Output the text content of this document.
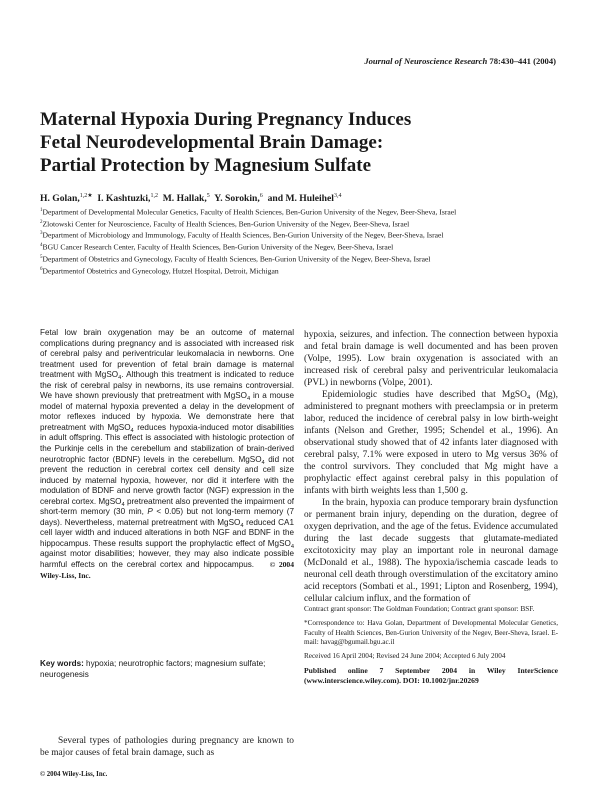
Journal of Neuroscience Research 78:430–441 (2004)
Maternal Hypoxia During Pregnancy Induces
Fetal Neurodevelopmental Brain Damage:
Partial Protection by Magnesium Sulfate
H. Golan,$^{1,2★}$ I. Kashtuzki,$^{1,2}$ M. Hallak,$^5$ Y. Sorokin,$^6$ and M. Huleihel$^{3,4}$

$^1$Department of Developmental Molecular Genetics, Faculty of Health Sciences, Ben-Gurion University of the Negev, Beer-Sheva, Israel

$^2$Zlotowski Center for Neuroscience, Faculty of Health Sciences, Ben-Gurion University of the Negev, Beer-Sheva, Israel

$^3$Department of Microbiology and Immunology, Faculty of Health Sciences, Ben-Gurion University of the Negev, Beer-Sheva, Israel

$^4$BGU Cancer Research Center, Faculty of Health Sciences, Ben-Gurion University of the Negev, Beer-Sheva, Israel

$^5$Department of Obstetrics and Gynecology, Faculty of Health Sciences, Ben-Gurion University of the Negev, Beer-Sheva, Israel

$^6$Departmentof Obstetrics and Gynecology, Hutzel Hospital, Detroit, Michigan

Fetal low brain oxygenation may be an outcome of maternal complications during pregnancy and is associated with increased risk of cerebral palsy and periventricular leukomalacia in newborns. One treatment used for prevention of fetal brain damage is maternal treatment with MgSO$_4$. Although this treatment is indicated to reduce the risk of cerebral palsy in newborns, its use remains controversial. We have shown previously that pretreatment with MgSO$_4$ in a mouse model of maternal hypoxia prevented a delay in the development of motor reflexes induced by hypoxia. We demonstrate here that pretreatment with MgSO$_4$ reduces hypoxia-induced motor disabilities in adult offspring. This effect is associated with histologic protection of the Purkinje cells in the cerebellum and stabilization of brain-derived neurotrophic factor (BDNF) levels in the cerebellum. MgSO$_4$ did not prevent the reduction in cerebral cortex cell density and cell size induced by maternal hypoxia, however, nor did it interfere with the modulation of BDNF and nerve growth factor (NGF) expression in the cerebral cortex. MgSO$_4$ pretreatment also prevented the impairment of short-term memory (30 min, P < 0.05) but not long-term memory (7 days). Nevertheless, maternal pretreatment with MgSO$_4$ reduced CA1 cell layer width and induced alterations in both NGF and BDNF in the hippocampus. These results support the prophylactic effect of MgSO$_4$ against motor disabilities; however, they may also indicate possible harmful effects on the cerebral cortex and hippocampus. © 2004 Wiley-Liss, Inc.

Key words: hypoxia; neurotrophic factors; magnesium sulfate; neurogenesis

Several types of pathologies during pregnancy are known to be major causes of fetal brain damage, such as

© 2004 Wiley-Liss, Inc.

hypoxia, seizures, and infection. The connection between hypoxia and fetal brain damage is well documented and has been proven (Volpe, 1995). Low brain oxygenation is associated with an increased risk of cerebral palsy and periventricular leukomalacia (PVL) in newborns (Volpe, 2001).

Epidemiologic studies have described that MgSO$_4$ (Mg), administered to pregnant mothers with preeclampsia or in preterm labor, reduced the incidence of cerebral palsy in low birth-weight infants (Nelson and Grether, 1995; Schendel et al., 1996). An observational study showed that of 42 infants later diagnosed with cerebral palsy, 7.1% were exposed in utero to Mg versus 36% of the control survivors. They concluded that Mg might have a prophylactic effect against cerebral palsy in this population of infants with birth weights less than 1,500 g.

In the brain, hypoxia can produce temporary brain dysfunction or permanent brain injury, depending on the duration, degree of oxygen deprivation, and the age of the fetus. Evidence accumulated during the last decade suggests that glutamate-mediated excitotoxicity may play an important role in neuronal damage (McDonald et al., 1988). The hypoxia/ischemia cascade leads to neuronal cell death through overstimulation of the excitatory amino acid receptors (Sombati et al., 1991; Lipton and Rosenberg, 1994), cellular calcium influx, and the formation of

Contract grant sponsor: The Goldman Foundation; Contract grant sponsor: BSF.

*Correspondence to: Hava Golan, Department of Developmental Molecular Genetics, Faculty of Health Sciences, Ben-Gurion University of the Negev, Beer-Sheva, Israel. E-mail: havag@bgumail.bgu.ac.il

Received 16 April 2004; Revised 24 June 2004; Accepted 6 July 2004

Published online 7 September 2004 in Wiley InterScience (www.interscience.wiley.com). DOI: 10.1002/jnr.20269
